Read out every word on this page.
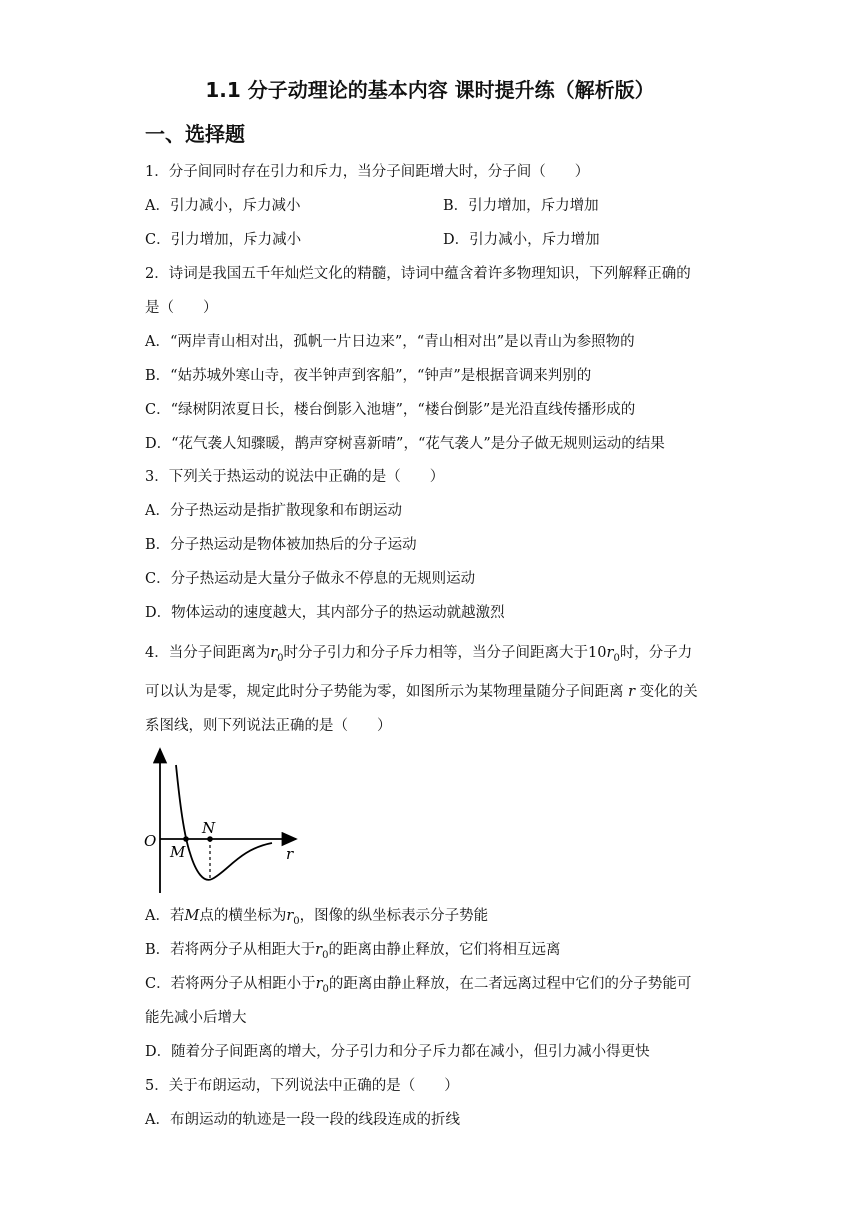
1.1 分子动理论的基本内容 课时提升练（解析版）
一、选择题
1．分子间同时存在引力和斥力，当分子间距增大时，分子间（　　）
A．引力减小，斥力减小	B．引力增加，斥力增加
C．引力增加，斥力减小	D．引力减小，斥力增加
2．诗词是我国五千年灿烂文化的精髓，诗词中蕴含着许多物理知识，下列解释正确的
是（　　）
A．“两岸青山相对出，孤帆一片日边来”，“青山相对出”是以青山为参照物的
B．“姑苏城外寒山寺，夜半钟声到客船”，“钟声”是根据音调来判别的
C．“绿树阴浓夏日长，楼台倒影入池塘”，“楼台倒影”是光沿直线传播形成的
D．“花气袭人知骤暖，鹊声穿树喜新晴”，“花气袭人”是分子做无规则运动的结果
3．下列关于热运动的说法中正确的是（　　）
A．分子热运动是指扩散现象和布朗运动
B．分子热运动是物体被加热后的分子运动
C．分子热运动是大量分子做永不停息的无规则运动
D．物体运动的速度越大，其内部分子的热运动就越激烈
4．当分子间距离为$r_0$时分子引力和分子斥力相等，当分子间距离大于$10r_0$时，分子力
可以认为是零，规定此时分子势能为零，如图所示为某物理量随分子间距离 r 变化的关
系图线，则下列说法正确的是（　　）
O
M
N
r
A．若M点的横坐标为$r_0$，图像的纵坐标表示分子势能
B．若将两分子从相距大于$r_0$的距离由静止释放，它们将相互远离
C．若将两分子从相距小于$r_0$的距离由静止释放，在二者远离过程中它们的分子势能可
能先减小后增大
D．随着分子间距离的增大，分子引力和分子斥力都在减小，但引力减小得更快
5．关于布朗运动，下列说法中正确的是（　　）
A．布朗运动的轨迹是一段一段的线段连成的折线
